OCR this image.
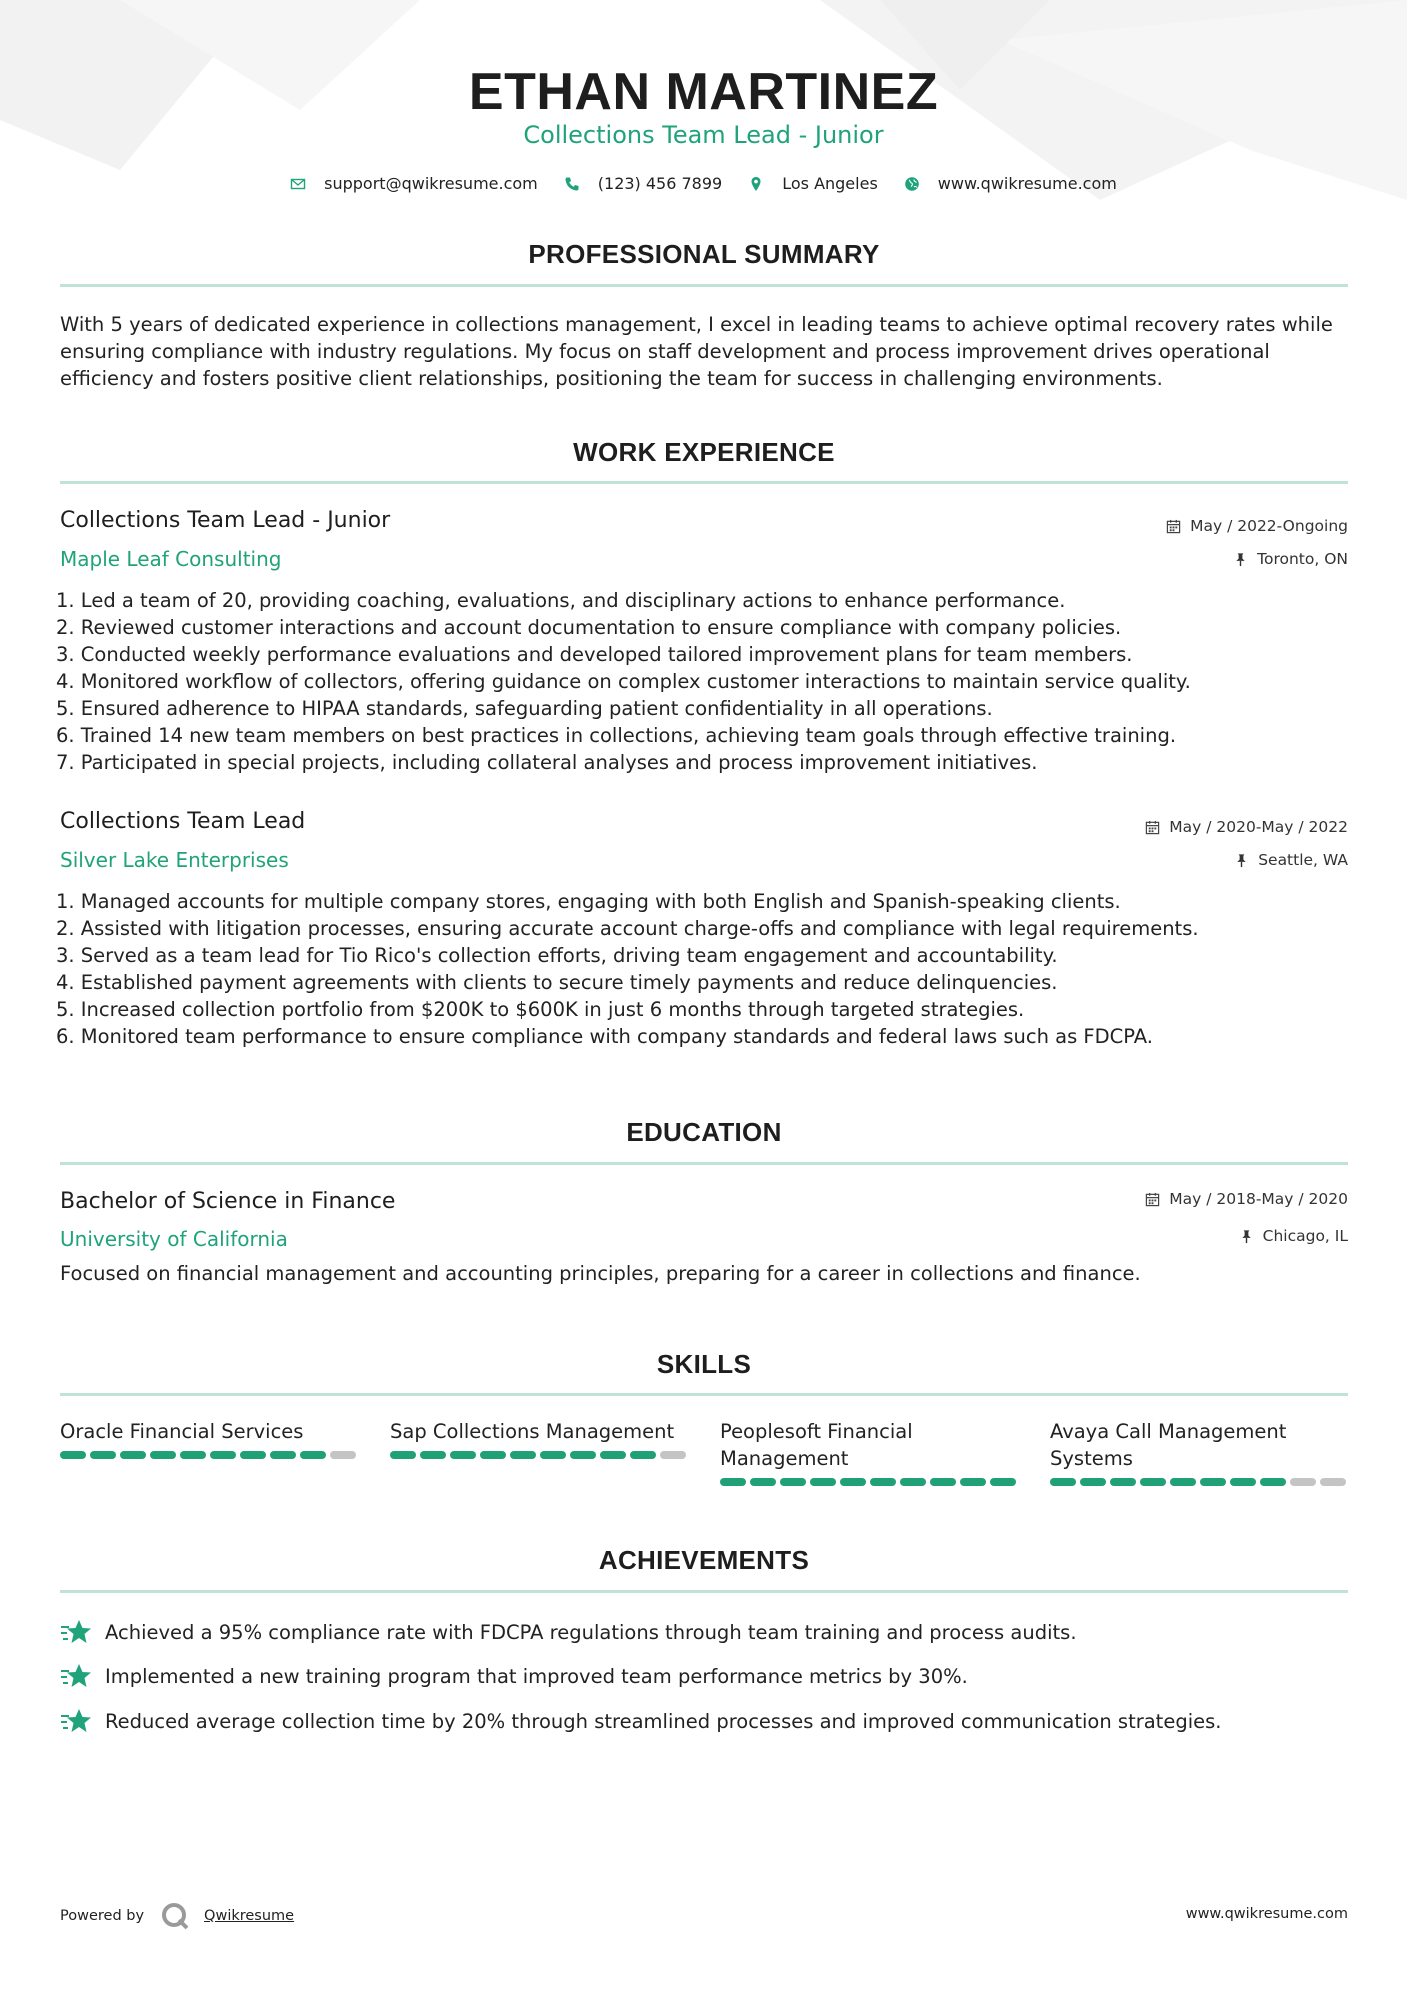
ETHAN MARTINEZ
Collections Team Lead - Junior
support@qwikresume.com	(123) 456 7899	Los Angeles	www.qwikresume.com
PROFESSIONAL SUMMARY

With 5 years of dedicated experience in collections management, I excel in leading teams to achieve optimal recovery rates while ensuring compliance with industry regulations. My focus on staff development and process improvement drives operational efficiency and fosters positive client relationships, positioning the team for success in challenging environments.

WORK EXPERIENCE
Collections Team Lead - Junior	May / 2022-Ongoing
Maple Leaf Consulting	Toronto, ON
1. Led a team of 20, providing coaching, evaluations, and disciplinary actions to enhance performance.
2. Reviewed customer interactions and account documentation to ensure compliance with company policies.
3. Conducted weekly performance evaluations and developed tailored improvement plans for team members.
4. Monitored workflow of collectors, offering guidance on complex customer interactions to maintain service quality.
5. Ensured adherence to HIPAA standards, safeguarding patient confidentiality in all operations.
6. Trained 14 new team members on best practices in collections, achieving team goals through effective training.
7. Participated in special projects, including collateral analyses and process improvement initiatives.
Collections Team Lead	May / 2020-May / 2022
Silver Lake Enterprises	Seattle, WA
1. Managed accounts for multiple company stores, engaging with both English and Spanish-speaking clients.
2. Assisted with litigation processes, ensuring accurate account charge-offs and compliance with legal requirements.
3. Served as a team lead for Tio Rico's collection efforts, driving team engagement and accountability.
4. Established payment agreements with clients to secure timely payments and reduce delinquencies.
5. Increased collection portfolio from $200K to $600K in just 6 months through targeted strategies.
6. Monitored team performance to ensure compliance with company standards and federal laws such as FDCPA.
EDUCATION
Bachelor of Science in Finance	May / 2018-May / 2020
University of California	Chicago, IL

Focused on financial management and accounting principles, preparing for a career in collections and finance.

SKILLS
Oracle Financial Services	Sap Collections Management	Peoplesoft Financial Management
Avaya Call Management Systems
ACHIEVEMENTS
Achieved a 95% compliance rate with FDCPA regulations through team training and process audits.
Implemented a new training program that improved team performance metrics by 30%.
Reduced average collection time by 20% through streamlined processes and improved communication strategies.
Powered by	Qwikresume	www.qwikresume.com
